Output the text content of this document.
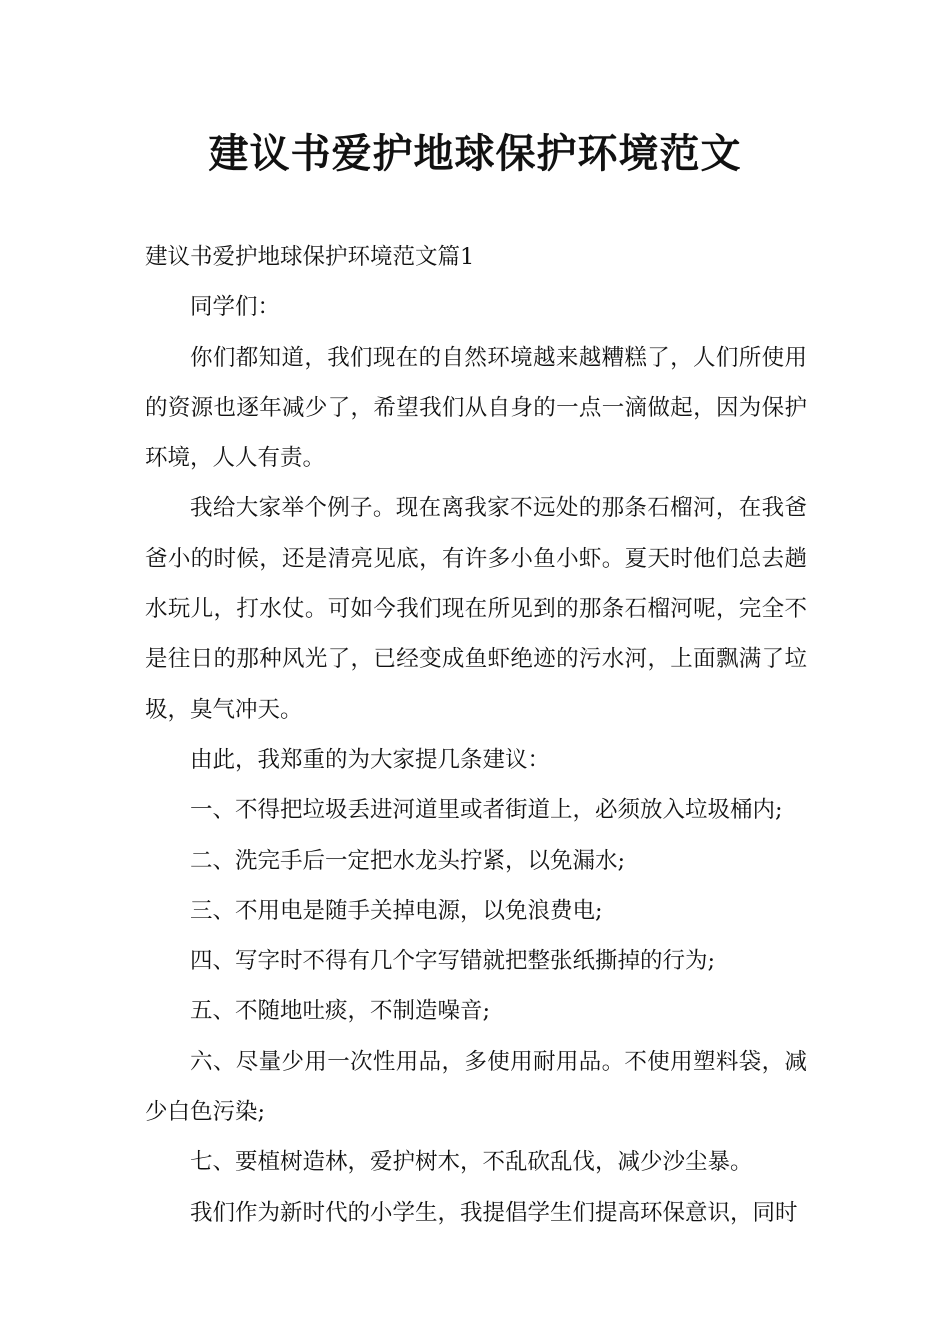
建议书爱护地球保护环境范文

建议书爱护地球保护环境范文篇1

同学们：

你们都知道，我们现在的自然环境越来越糟糕了，人们所使用的资源也逐年减少了，希望我们从自身的一点一滴做起，因为保护环境，人人有责。

我给大家举个例子。现在离我家不远处的那条石榴河，在我爸爸小的时候，还是清亮见底，有许多小鱼小虾。夏天时他们总去趟水玩儿，打水仗。可如今我们现在所见到的那条石榴河呢，完全不是往日的那种风光了，已经变成鱼虾绝迹的污水河，上面飘满了垃圾，臭气冲天。

由此，我郑重的为大家提几条建议：

一、不得把垃圾丢进河道里或者街道上，必须放入垃圾桶内;

二、洗完手后一定把水龙头拧紧，以免漏水;

三、不用电是随手关掉电源，以免浪费电;

四、写字时不得有几个字写错就把整张纸撕掉的行为;

五、不随地吐痰，不制造噪音;

六、尽量少用一次性用品，多使用耐用品。不使用塑料袋，减少白色污染;

七、要植树造林，爱护树木，不乱砍乱伐，减少沙尘暴。

我们作为新时代的小学生，我提倡学生们提高环保意识，同时
